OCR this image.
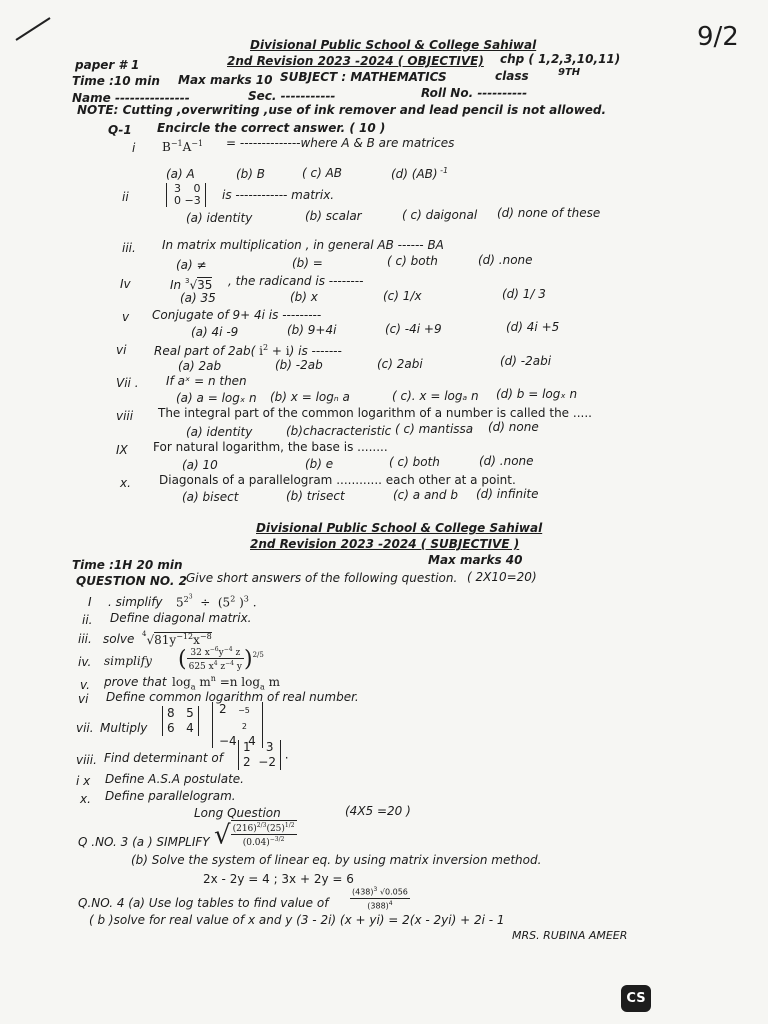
9/2
Divisional Public School & College Sahiwal
paper # 1	2nd Revision 2023 -2024 ( OBJECTIVE) chp ( 1,2,3,10,11)
Time :10 min Max marks 10 SUBJECT : MATHEMATICS	class	9TH
Name ---------------	Sec. -----------	Roll No. ----------
NOTE: Cutting ,overwriting ,use of ink remover and lead pencil is not allowed.
Q-1 Encircle the correct answer. ( 10 )
i $B^{-1}A^{-1}$ = --------------where A & B are matrices
(a) A	(b) B	( c) AB	(d) (AB) $^{-1}$
ii
3 0
0 −3	is ------------ matrix.
(a) identity	(b) scalar	( c) daigonal (d) none of these
iii. In matrix multiplication , in general AB ------ BA
(a) ≠	(b) =	( c) both	(d) .none
Iv	In $^3$√35 , the radicand is --------
(a) 35	(b) x	(c) 1/x	(d) 1/ 3
v Conjugate of 9+ 4i is ---------
(a) 4i -9	(b) 9+4i	(c) -4i +9	(d) 4i +5
vi Real part of 2ab( $i^2 + i$) is -------
(a) 2ab	(b) -2ab	(c) 2abi	(d) -2abi
Vii . If aˣ = n then
(a) a = logₓ n (b) x = logₙ a	( c). x = logₐ n (d) b = logₓ n
viii The integral part of the common logarithm of a number is called the .....
(a) identity	(b)chacracteristic ( c) mantissa (d) none
IX For natural logarithm, the base is ........
(a) 10	(b) e	( c) both	(d) .none
x. Diagonals of a parallelogram ............ each other at a point.
(a) bisect	(b) trisect	(c) a and b (d) infinite
Divisional Public School & College Sahiwal
2nd Revision 2023 -2024 ( SUBJECTIVE )
Time :1H 20 min	Max marks 40
QUESTION NO. 2 Give short answers of the following question. ( 2X10=20)
I . simplify $5^{2^3} \div (5^2$ )$^3$ .
ii. Define diagonal matrix.
iii. solve $^4√81y^{-12}x^{-8}$
iv. simplify ( $\frac{32 x^{-6}y^{-4} z}{625 x^4 z^{-4} y} )^{2/5}$
v. prove that $\log_a m^n =n$ $\log_a m$
vi Define common logarithm of real number.
vii. Multiply
8   5
6   4
2   −5
2
−4   4
viii. Find determinant of
1    3
2  −2 .
i x Define A.S.A postulate.
x. Define parallelogram.
Long Question	(4X5 =20 )
Q .NO. 3 (a ) SIMPLIFY √ $\frac{(216)^{2/3}(25)^{1/2}}{(0.04)^{-3/2}}$
(b) Solve the system of linear eq. by using matrix inversion method.
2x - 2y = 4 ; 3x + 2y = 6
Q.NO. 4 (a) Use log tables to find value of	$\frac{(438)^3 √0.056}{(388)^4}$
( b )solve for real value of x and y (3 - 2i) (x + yi) = 2(x - 2yi) + 2i - 1
MRS. RUBINA AMEER
CS
